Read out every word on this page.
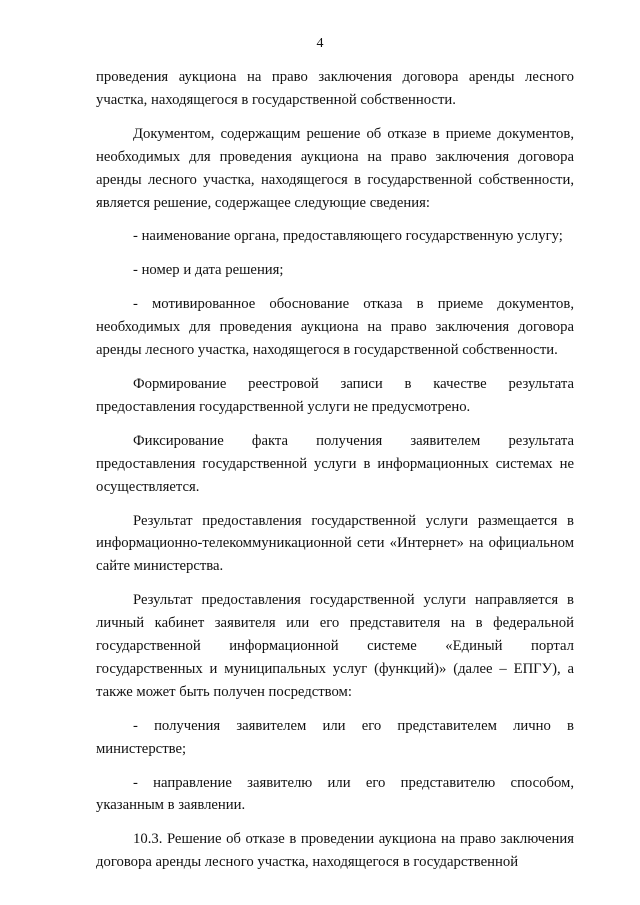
4

проведения аукциона на право заключения договора аренды лесного участка, находящегося в государственной собственности.

Документом, содержащим решение об отказе в приеме документов, необходимых для проведения аукциона на право заключения договора аренды лесного участка, находящегося в государственной собственности, является решение, содержащее следующие сведения:

- наименование органа, предоставляющего государственную услугу;

- номер и дата решения;

- мотивированное обоснование отказа в приеме документов, необходимых для проведения аукциона на право заключения договора аренды лесного участка, находящегося в государственной собственности.

Формирование реестровой записи в качестве результата предоставления государственной услуги не предусмотрено.

Фиксирование факта получения заявителем результата предоставления государственной услуги в информационных системах не осуществляется.

Результат предоставления государственной услуги размещается в информационно-телекоммуникационной сети «Интернет» на официальном сайте министерства.

Результат предоставления государственной услуги направляется в личный кабинет заявителя или его представителя на в федеральной государственной информационной системе «Единый портал государственных и муниципальных услуг (функций)» (далее – ЕПГУ), а также может быть получен посредством:

- получения заявителем или его представителем лично в министерстве;

- направление заявителю или его представителю способом, указанным в заявлении.

10.3. Решение об отказе в проведении аукциона на право заключения договора аренды лесного участка, находящегося в государственной
